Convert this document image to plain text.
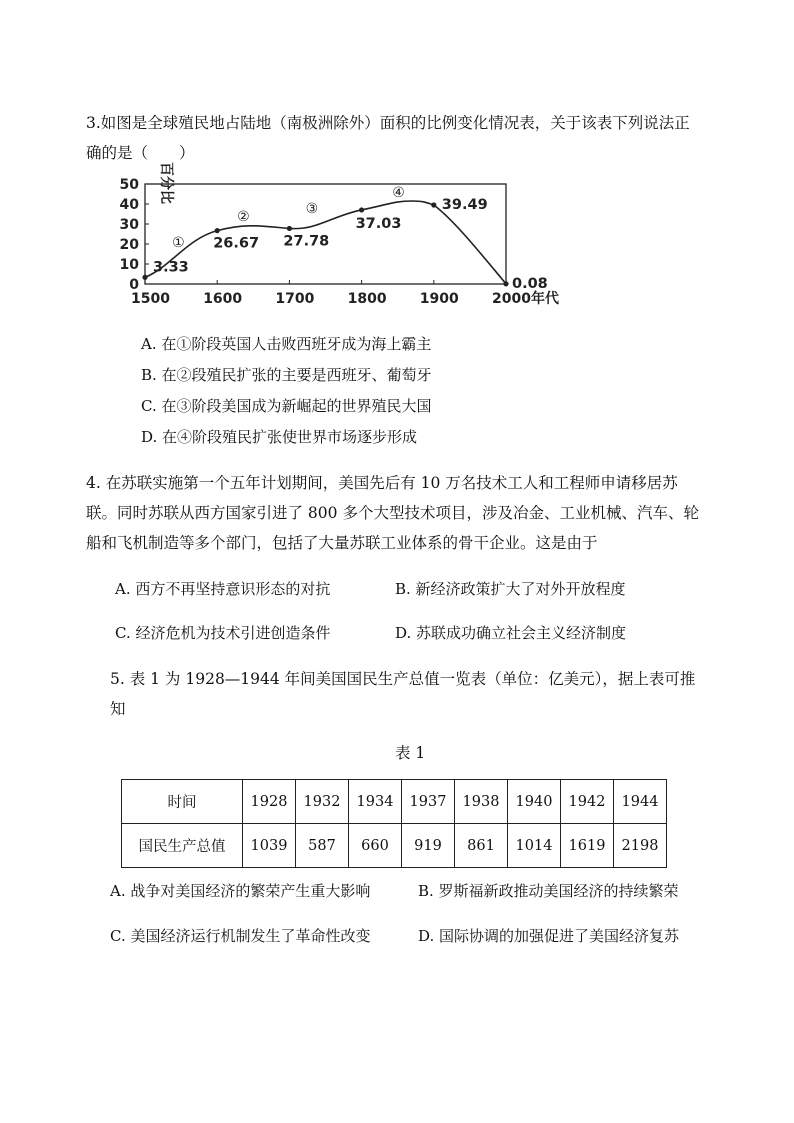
3.如图是全球殖民地占陆地（南极洲除外）面积的比例变化情况表，关于该表下列说法正
确的是（　　）
百分比
0
10
20
30
40
50
1500 1600 1700 1800 1900 2000年代
3.33
26.67 27.78
37.03
39.49
0.08
①
②	③
④
A. 在①阶段英国人击败西班牙成为海上霸主
B. 在②段殖民扩张的主要是西班牙、葡萄牙
C. 在③阶段美国成为新崛起的世界殖民大国
D. 在④阶段殖民扩张使世界市场逐步形成
4. 在苏联实施第一个五年计划期间，美国先后有 10 万名技术工人和工程师申请移居苏
联。同时苏联从西方国家引进了 800 多个大型技术项目，涉及冶金、工业机械、汽车、轮
船和飞机制造等多个部门，包括了大量苏联工业体系的骨干企业。这是由于
A. 西方不再坚持意识形态的对抗	B. 新经济政策扩大了对外开放程度
C. 经济危机为技术引进创造条件	D. 苏联成功确立社会主义经济制度
5. 表 1 为 1928—1944 年间美国国民生产总值一览表（单位：亿美元），据上表可推
知
表 1
时间	1928	1932	1934	1937	1938	1940	1942	1944
国民生产总值	1039	587	660	919	861	1014	1619	2198
A. 战争对美国经济的繁荣产生重大影响	B. 罗斯福新政推动美国经济的持续繁荣
C. 美国经济运行机制发生了革命性改变	D. 国际协调的加强促进了美国经济复苏
